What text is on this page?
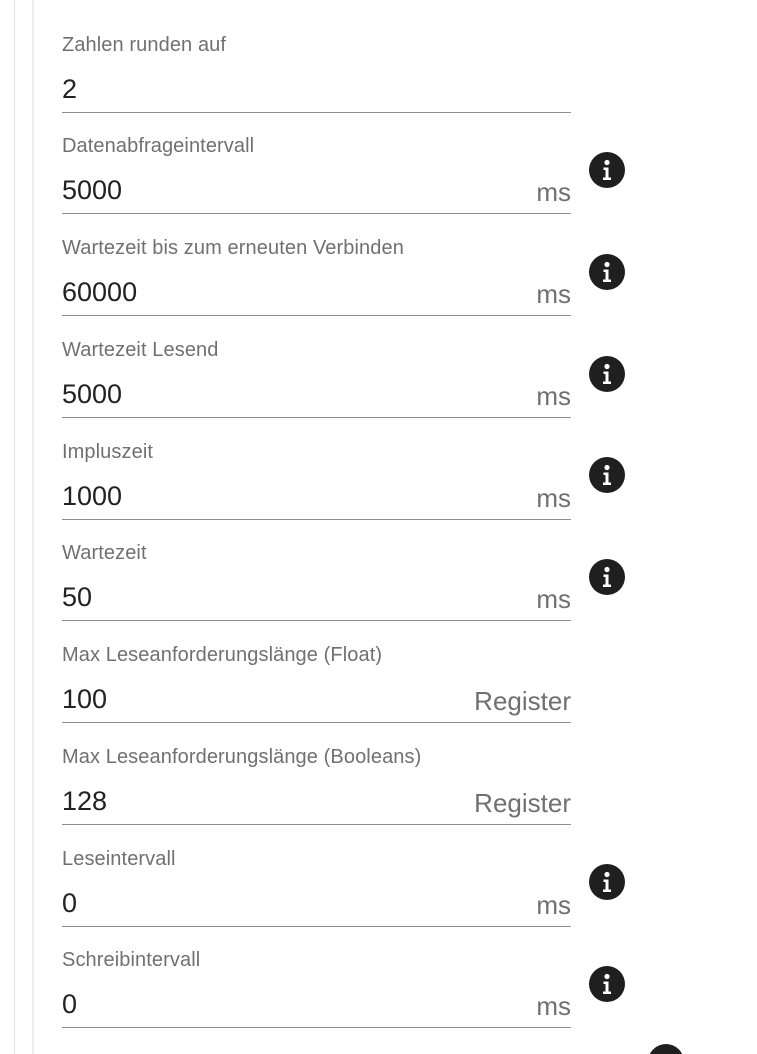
Zahlen runden auf
2
Datenabfrageintervall
5000	ms
Wartezeit bis zum erneuten Verbinden
60000	ms
Wartezeit Lesend
5000	ms
Impluszeit
1000	ms
Wartezeit
50	ms
Max Leseanforderungslänge (Float)
100	Register
Max Leseanforderungslänge (Booleans)
128	Register
Leseintervall
0	ms
Schreibintervall
0	ms
